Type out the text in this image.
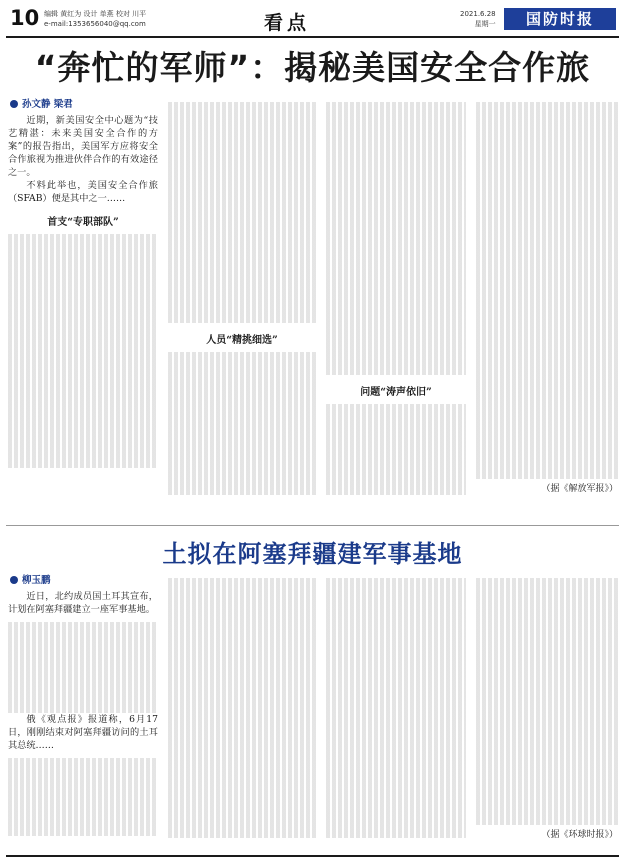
10 编辑 黄红为 设计 单燕 校对 川平
e-mail:1353656040@qq.com	看点	2021.6.28
星期一	国防时报
“奔忙的军师”：揭秘美国安全合作旅
孙文静 梁君

近期，新美国安全中心题为“技艺精湛：未来美国安全合作的方案”的报告指出，美国军方应将安全合作旅视为推进伙伴合作的有效途径之一。

不料此举也，美国安全合作旅（SFAB）便是其中之一……

首支“专职部队”
人员“精挑细选”
问题“涛声依旧”
（据《解放军报》）
土拟在阿塞拜疆建军事基地
柳玉鹏

近日，北约成员国土耳其宣布，计划在阿塞拜疆建立一座军事基地。

俄《观点报》报道称，6月17日，刚刚结束对阿塞拜疆访问的土耳其总统……

（据《环球时报》）
